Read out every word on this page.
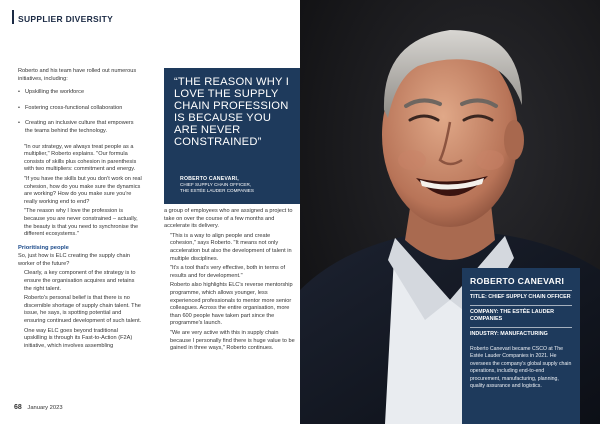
SUPPLIER DIVERSITY

Roberto and his team have rolled out numerous initiatives, including:

• Upskilling the workforce
• Fostering cross-functional collaboration
• Creating an inclusive culture that empowers the teams behind the technology.

"In our strategy, we always treat people as a multiplier," Roberto explains. "Our formula consists of skills plus cohesion in parenthesis with two multipliers: commitment and energy.

"If you have the skills but you don't work on real cohesion, how do you make sure the dynamics are working? How do you make sure you're really working end to end?

"The reason why I love the profession is because you are never constrained – actually, the beauty is that you need to synchronise the different ecosystems."

Prioritising people

So, just how is ELC creating the supply chain worker of the future?

Clearly, a key component of the strategy is to ensure the organisation acquires and retains the right talent.

Roberto's personal belief is that there is no discernible shortage of supply chain talent. The issue, he says, is spotting potential and ensuring continued development of such talent.

One way ELC goes beyond traditional upskilling is through its Fast-to-Action (F2A) initiative, which involves assembling

“THE REASON WHY I LOVE THE SUPPLY CHAIN PROFESSION IS BECAUSE YOU ARE NEVER CONSTRAINED”
ROBERTO CANEVARI,
CHIEF SUPPLY CHAIN OFFICER,
THE ESTÉE LAUDER COMPANIES

a group of employees who are assigned a project to take on over the course of a few months and accelerate its delivery.

"This is a way to align people and create cohesion," says Roberto. "It means not only acceleration but also the development of talent in multiple disciplines.

"It's a tool that's very effective, both in terms of results and for development."

Roberto also highlights ELC's reverse mentorship programme, which allows younger, less experienced professionals to mentor more senior colleagues. Across the entire organisation, more than 600 people have taken part since the programme's launch.

"We are very active with this in supply chain because I personally find there is huge value to be gained in three ways," Roberto continues.

ROBERTO CANEVARI
TITLE: CHIEF SUPPLY CHAIN OFFICER
COMPANY: THE ESTÉE LAUDER COMPANIES
INDUSTRY: MANUFACTURING
Roberto Canevari became CSCO at The Estée Lauder Companies in 2021. He oversees the company's global supply chain operations, including end-to-end procurement, manufacturing, planning, quality assurance and logistics.
68 January 2023
